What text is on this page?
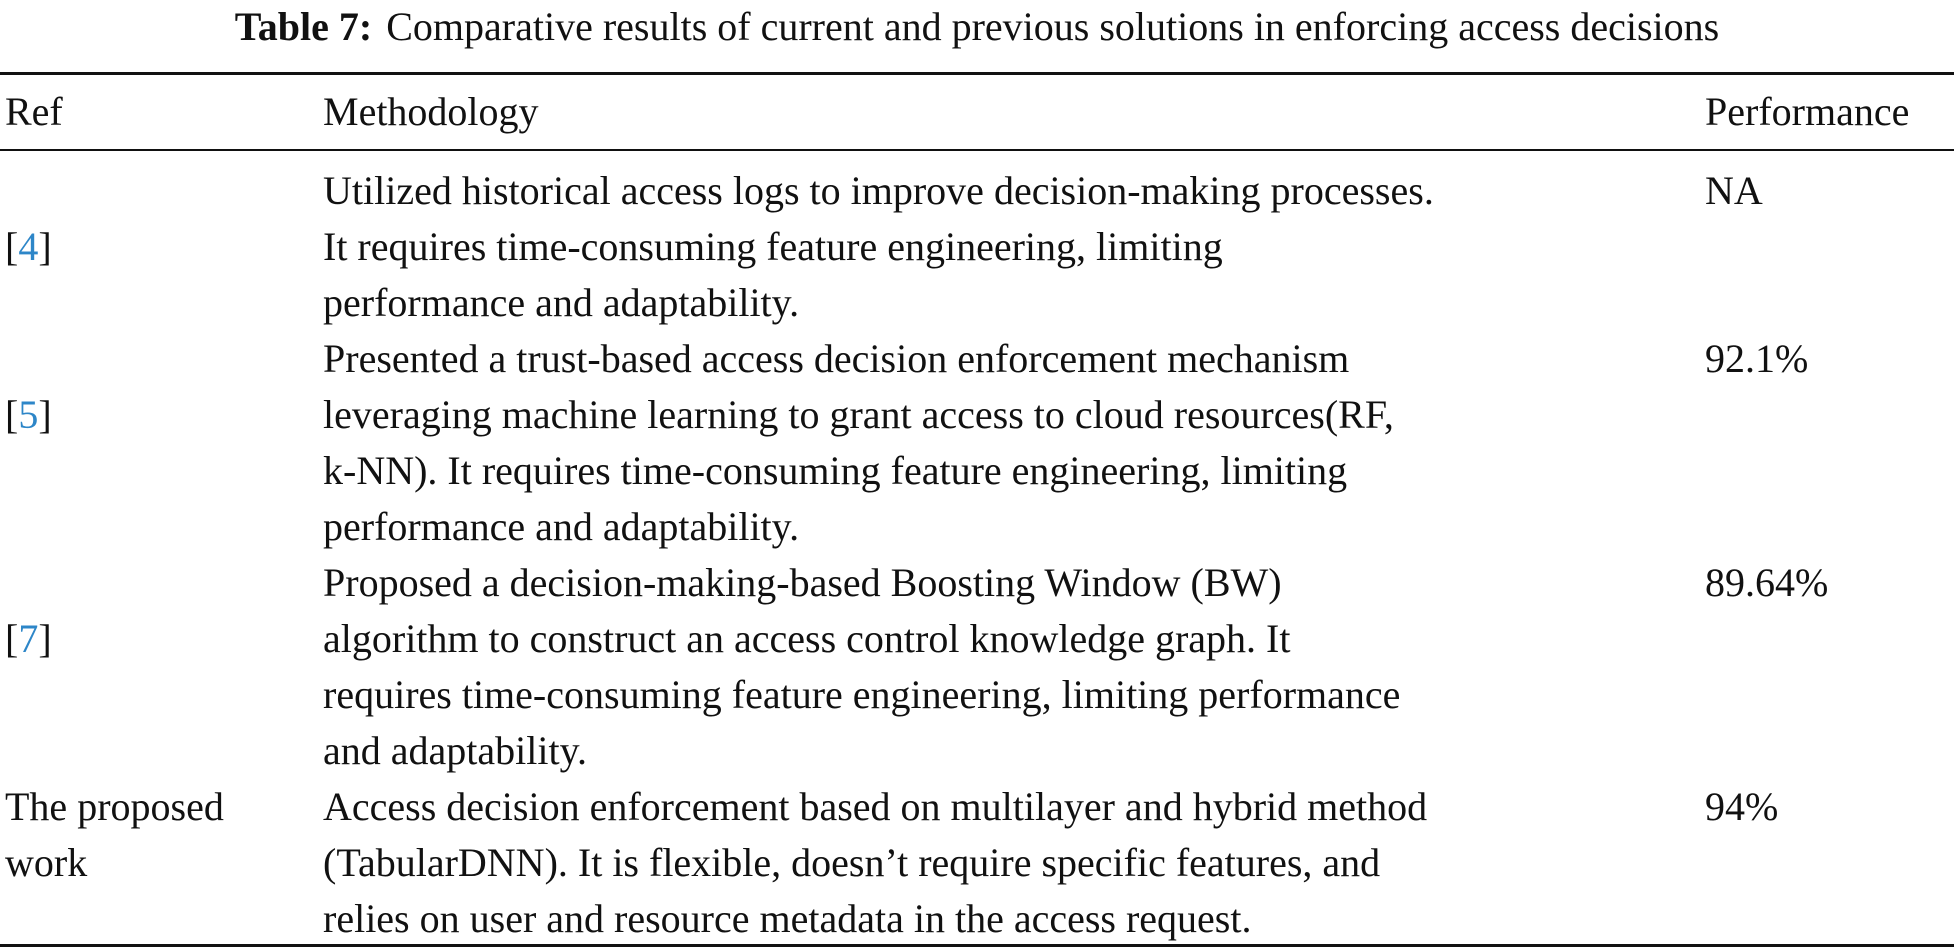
Table 7: Comparative results of current and previous solutions in enforcing access decisions
Ref	Methodology	Performance

[4]

Utilized historical access logs to improve decision-making processes.
It requires time-consuming feature engineering, limiting
performance and adaptability.
NA

[5]

Presented a trust-based access decision enforcement mechanism
leveraging machine learning to grant access to cloud resources(RF,
k-NN). It requires time-consuming feature engineering, limiting
performance and adaptability.
92.1%

[7]

Proposed a decision-making-based Boosting Window (BW)
algorithm to construct an access control knowledge graph. It
requires time-consuming feature engineering, limiting performance
and adaptability.
89.64%
The proposed
work
Access decision enforcement based on multilayer and hybrid method
(TabularDNN). It is flexible, doesn’t require specific features, and
relies on user and resource metadata in the access request.
94%
